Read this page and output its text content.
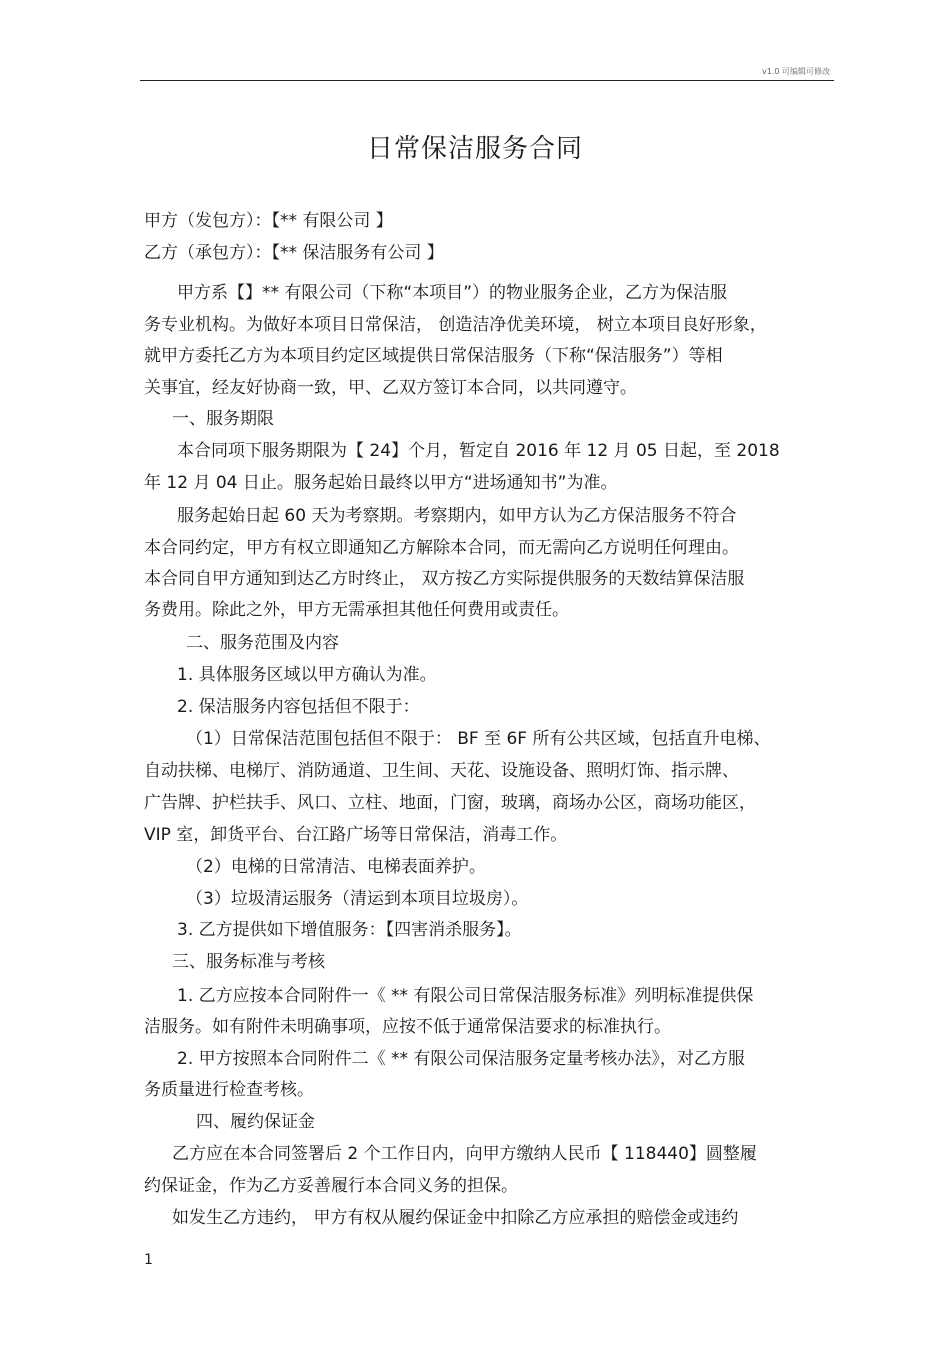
v1.0 可编辑可修改
日常保洁服务合同
甲方（发包方）：【** 有限公司 】
乙方（承包方）：【** 保洁服务有公司 】
甲方系【】** 有限公司（下称“本项目”）的物业服务企业，乙方为保洁服
务专业机构。为做好本项目日常保洁， 创造洁净优美环境， 树立本项目良好形象，
就甲方委托乙方为本项目约定区域提供日常保洁服务（下称“保洁服务”）等相
关事宜，经友好协商一致，甲、乙双方签订本合同，以共同遵守。
一、服务期限
本合同项下服务期限为【 24】个月，暂定自 2016 年 12 月 05 日起，至 2018
年 12 月 04 日止。服务起始日最终以甲方“进场通知书”为准。
服务起始日起 60 天为考察期。考察期内，如甲方认为乙方保洁服务不符合
本合同约定，甲方有权立即通知乙方解除本合同，而无需向乙方说明任何理由。
本合同自甲方通知到达乙方时终止， 双方按乙方实际提供服务的天数结算保洁服
务费用。除此之外，甲方无需承担其他任何费用或责任。
二、服务范围及内容
1. 具体服务区域以甲方确认为准。
2. 保洁服务内容包括但不限于：
（1）日常保洁范围包括但不限于： BF 至 6F 所有公共区域，包括直升电梯、
自动扶梯、电梯厅、消防通道、卫生间、天花、设施设备、照明灯饰、指示牌、
广告牌、护栏扶手、风口、立柱、地面，门窗，玻璃，商场办公区，商场功能区，
VIP 室，卸货平台、台江路广场等日常保洁，消毒工作。
（2）电梯的日常清洁、电梯表面养护。
（3）垃圾清运服务（清运到本项目垃圾房）。
3. 乙方提供如下增值服务：【四害消杀服务】。
三、服务标准与考核
1. 乙方应按本合同附件一《 ** 有限公司日常保洁服务标准》列明标准提供保
洁服务。如有附件未明确事项，应按不低于通常保洁要求的标准执行。
2. 甲方按照本合同附件二《 ** 有限公司保洁服务定量考核办法》，对乙方服
务质量进行检查考核。
四、履约保证金
乙方应在本合同签署后 2 个工作日内，向甲方缴纳人民币【 118440】圆整履
约保证金，作为乙方妥善履行本合同义务的担保。
如发生乙方违约， 甲方有权从履约保证金中扣除乙方应承担的赔偿金或违约
1
